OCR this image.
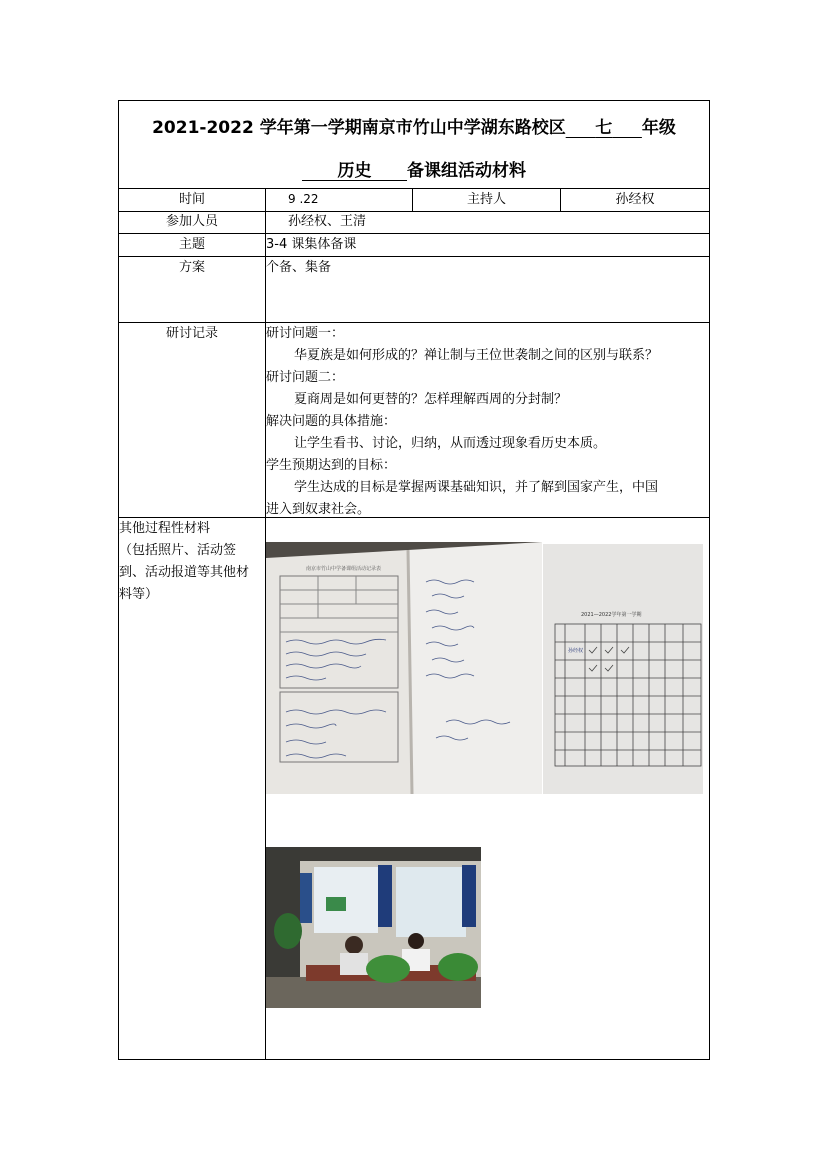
2021-2022 学年第一学期南京市竹山中学湖东路校区 七 年级
历史 备课组活动材料
时间	9 .22	主持人	孙经权
参加人员	孙经权、王清
主题	3-4 课集体备课
方案	个备、集备
研讨记录	研讨问题一：
华夏族是如何形成的？禅让制与王位世袭制之间的区别与联系？
研讨问题二：
夏商周是如何更替的？怎样理解西周的分封制？
解决问题的具体措施：
让学生看书、讨论，归纳，从而透过现象看历史本质。
学生预期达到的目标：
学生达成的目标是掌握两课基础知识，并了解到国家产生，中国
进入到奴隶社会。
其他过程性材料
（包括照片、活动签
到、活动报道等其他材
料等）
南京市竹山中学备课组活动记录表
2021—2022学年第一学期
孙经权
